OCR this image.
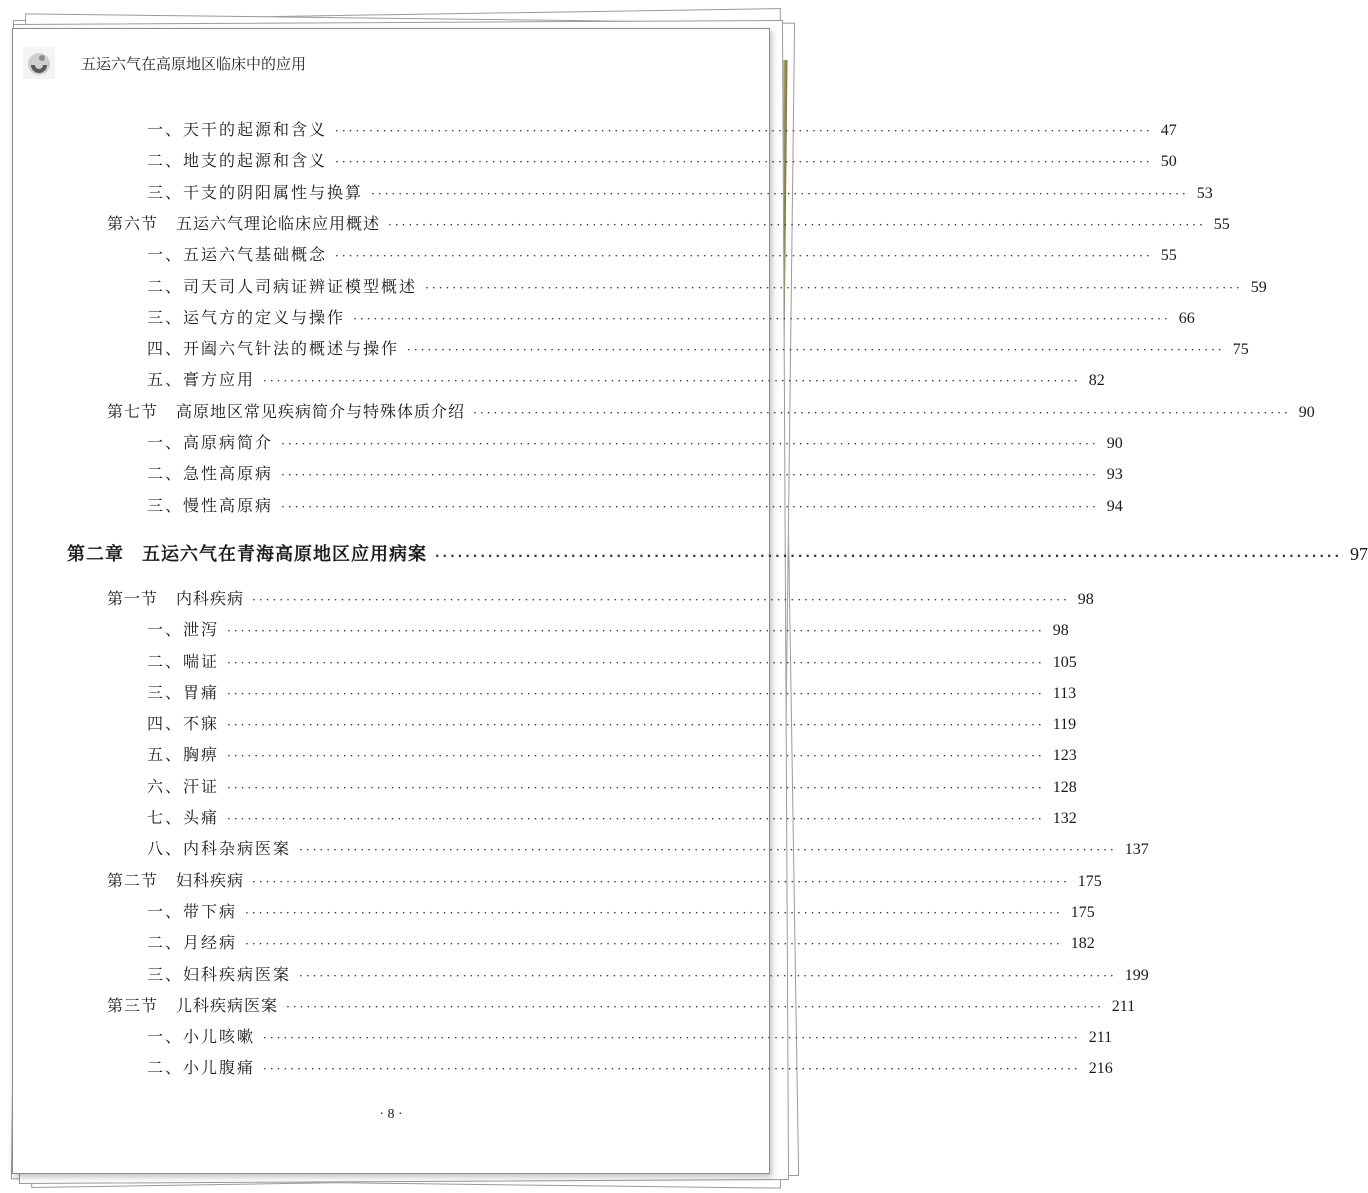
五运六气在高原地区临床中的应用
一、天干的起源和含义 ························································································································ 47
二、地支的起源和含义 ························································································································ 50
三、干支的阴阳属性与换算 ························································································································ 53
第六节 五运六气理论临床应用概述 ························································································································ 55
一、五运六气基础概念 ························································································································ 55
二、司天司人司病证辨证模型概述 ························································································································ 59
三、运气方的定义与操作 ························································································································ 66
四、开阖六气针法的概述与操作 ························································································································ 75
五、膏方应用 ························································································································ 82
第七节 高原地区常见疾病简介与特殊体质介绍 ························································································································ 90
一、高原病简介 ························································································································ 90
二、急性高原病 ························································································································ 93
三、慢性高原病 ························································································································ 94
第二章 五运六气在青海高原地区应用病案 ························································································································ 97
第一节 内科疾病 ························································································································ 98
一、泄泻 ························································································································ 98
二、喘证 ························································································································ 105
三、胃痛 ························································································································ 113
四、不寐 ························································································································ 119
五、胸痹 ························································································································ 123
六、汗证 ························································································································ 128
七、头痛 ························································································································ 132
八、内科杂病医案 ························································································································ 137
第二节 妇科疾病 ························································································································ 175
一、带下病 ························································································································ 175
二、月经病 ························································································································ 182
三、妇科疾病医案 ························································································································ 199
第三节 儿科疾病医案 ························································································································ 211
一、小儿咳嗽 ························································································································ 211
二、小儿腹痛 ························································································································ 216
· 8 ·
